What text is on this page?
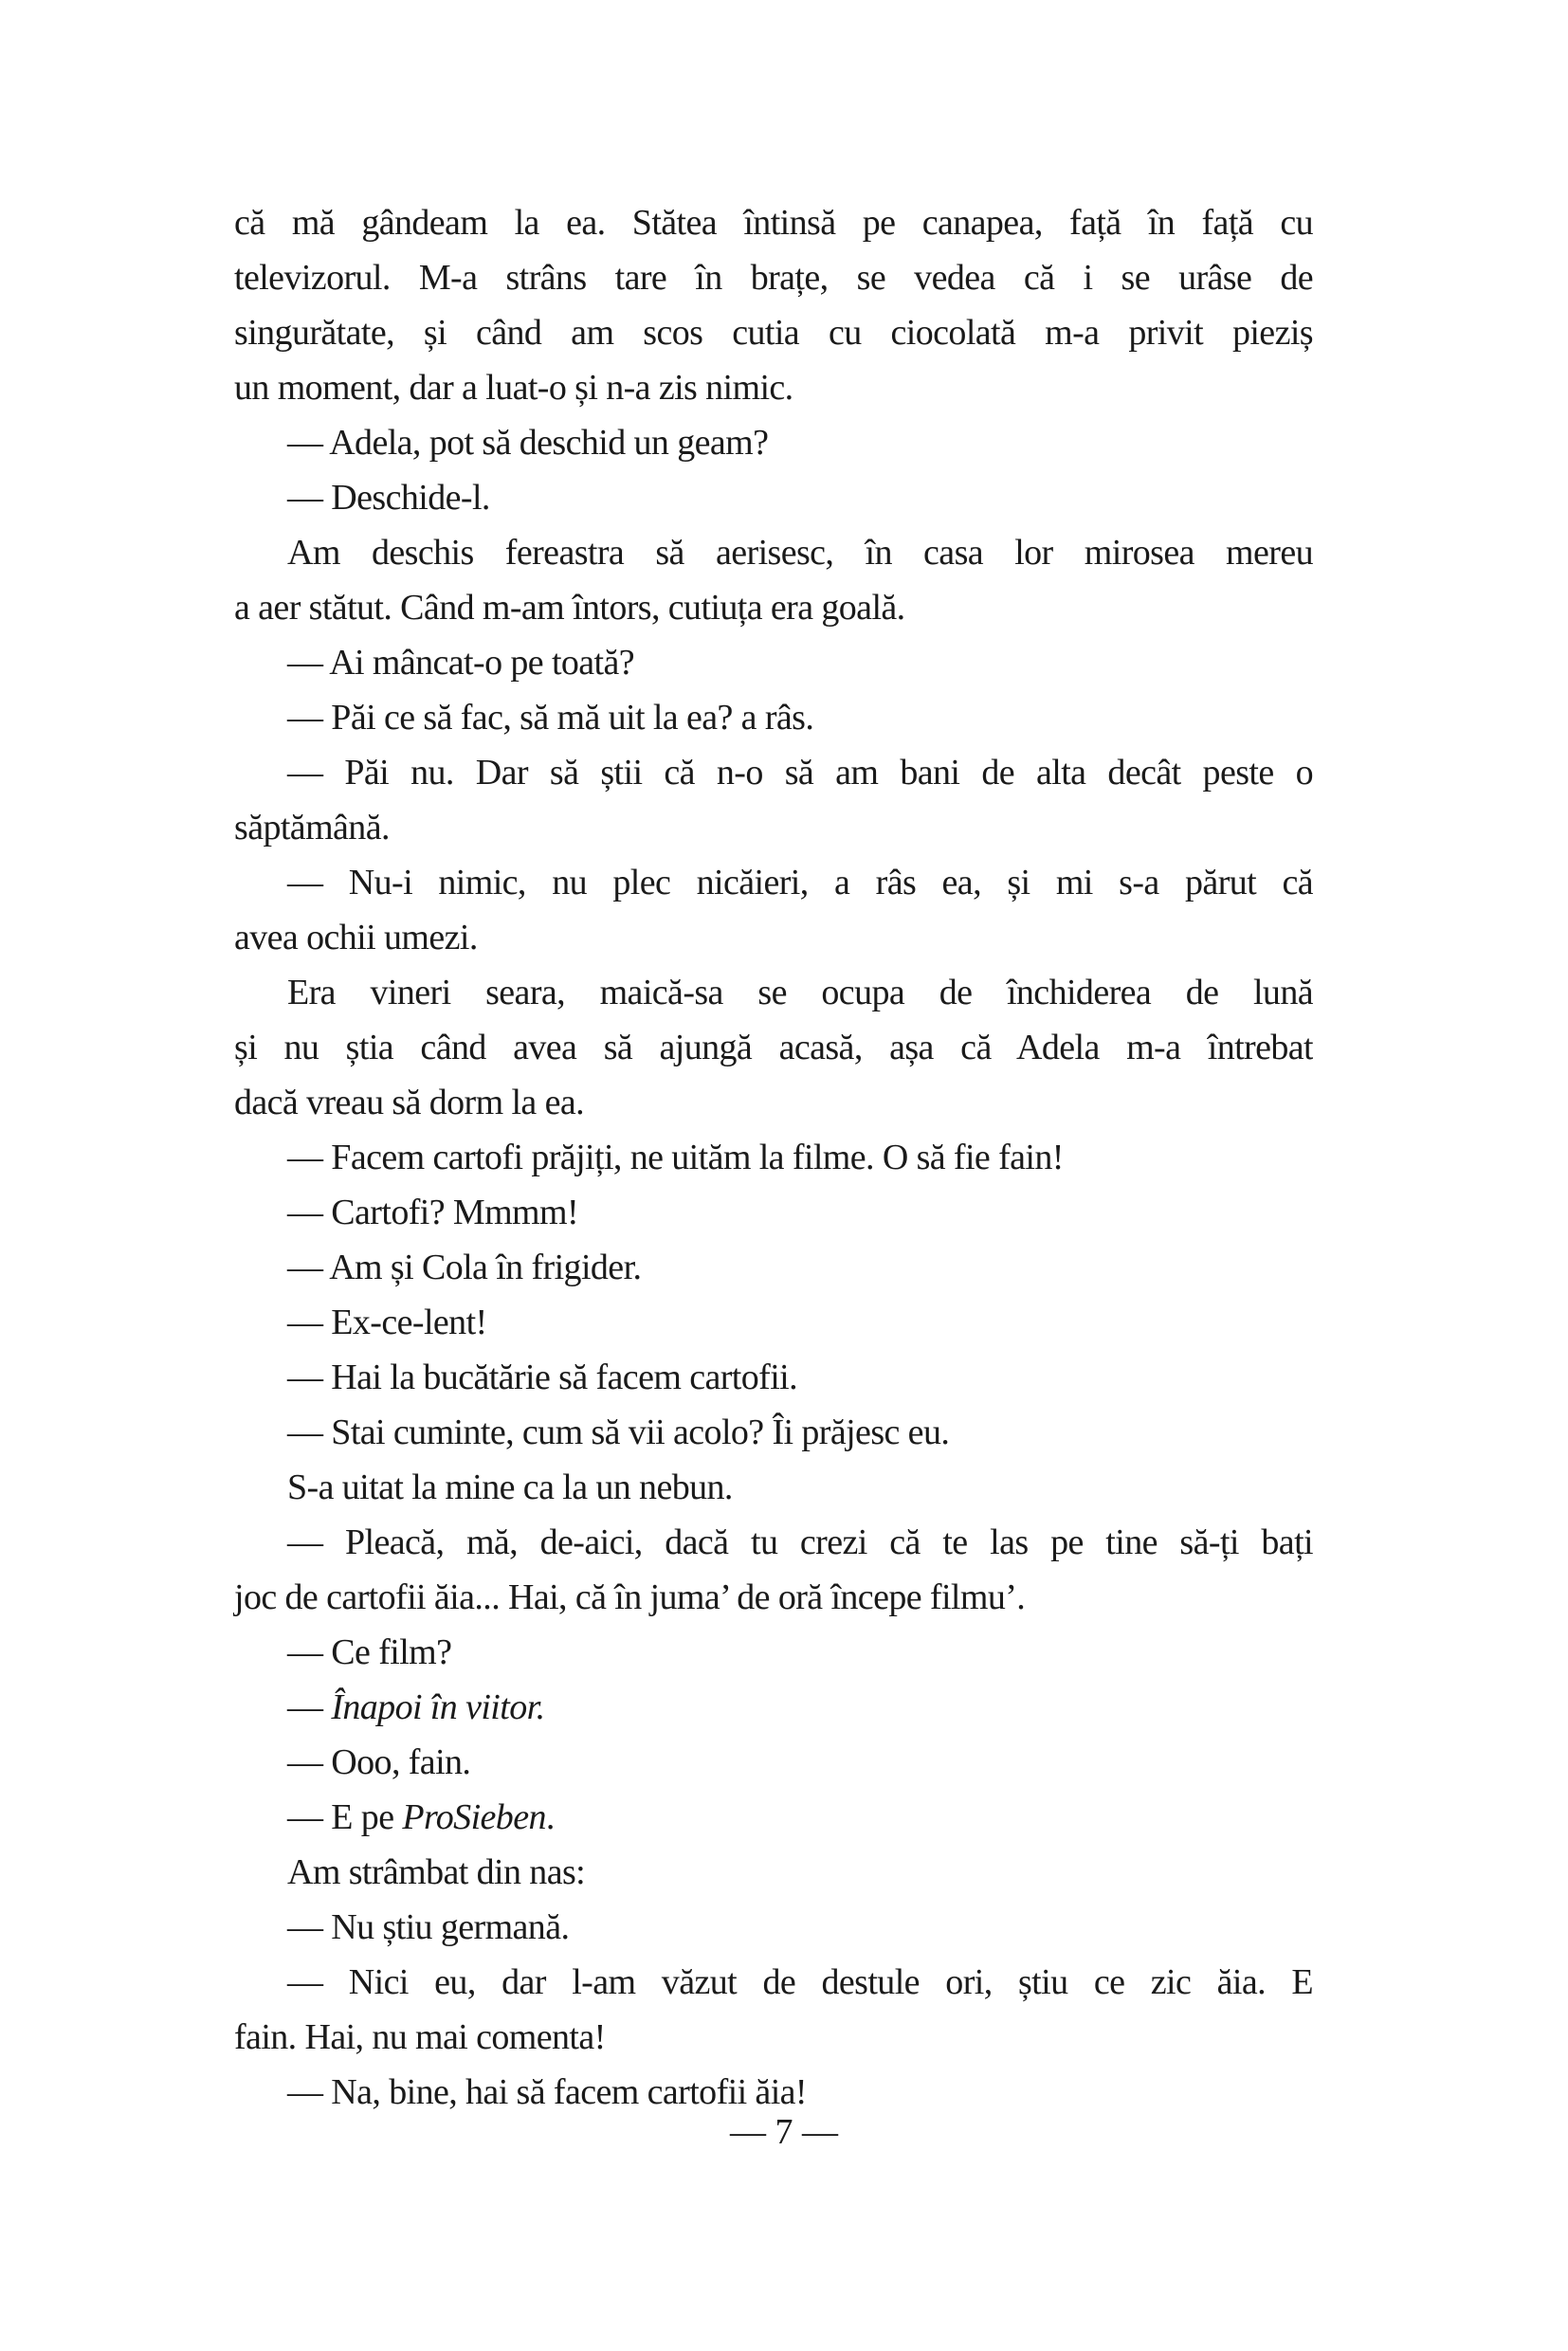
că mă gândeam la ea. Stătea întinsă pe canapea, față în față cu
televizorul. M-a strâns tare în brațe, se vedea că i se urâse de
singurătate, și când am scos cutia cu ciocolată m-a privit pieziș
un moment, dar a luat-o și n-a zis nimic.
— Adela, pot să deschid un geam?
— Deschide-l.
Am deschis fereastra să aerisesc, în casa lor mirosea mereu
a aer stătut. Când m-am întors, cutiuța era goală.
— Ai mâncat-o pe toată?
— Păi ce să fac, să mă uit la ea? a râs.
— Păi nu. Dar să știi că n-o să am bani de alta decât peste o
săptămână.
— Nu-i nimic, nu plec nicăieri, a râs ea, și mi s-a părut că
avea ochii umezi.
Era vineri seara, maică-sa se ocupa de închiderea de lună
și nu știa când avea să ajungă acasă, așa că Adela m-a întrebat
dacă vreau să dorm la ea.
— Facem cartofi prăjiți, ne uităm la filme. O să fie fain!
— Cartofi? Mmmm!
— Am și Cola în frigider.
— Ex-ce-lent!
— Hai la bucătărie să facem cartofii.
— Stai cuminte, cum să vii acolo? Îi prăjesc eu.
S-a uitat la mine ca la un nebun.
— Pleacă, mă, de-aici, dacă tu crezi că te las pe tine să-ți bați
joc de cartofii ăia... Hai, că în juma’ de oră începe filmu’.
— Ce film?
— Înapoi în viitor.
— Ooo, fain.
— E pe ProSieben.
Am strâmbat din nas:
— Nu știu germană.
— Nici eu, dar l-am văzut de destule ori, știu ce zic ăia. E
fain. Hai, nu mai comenta!
— Na, bine, hai să facem cartofii ăia!
— 7 —
